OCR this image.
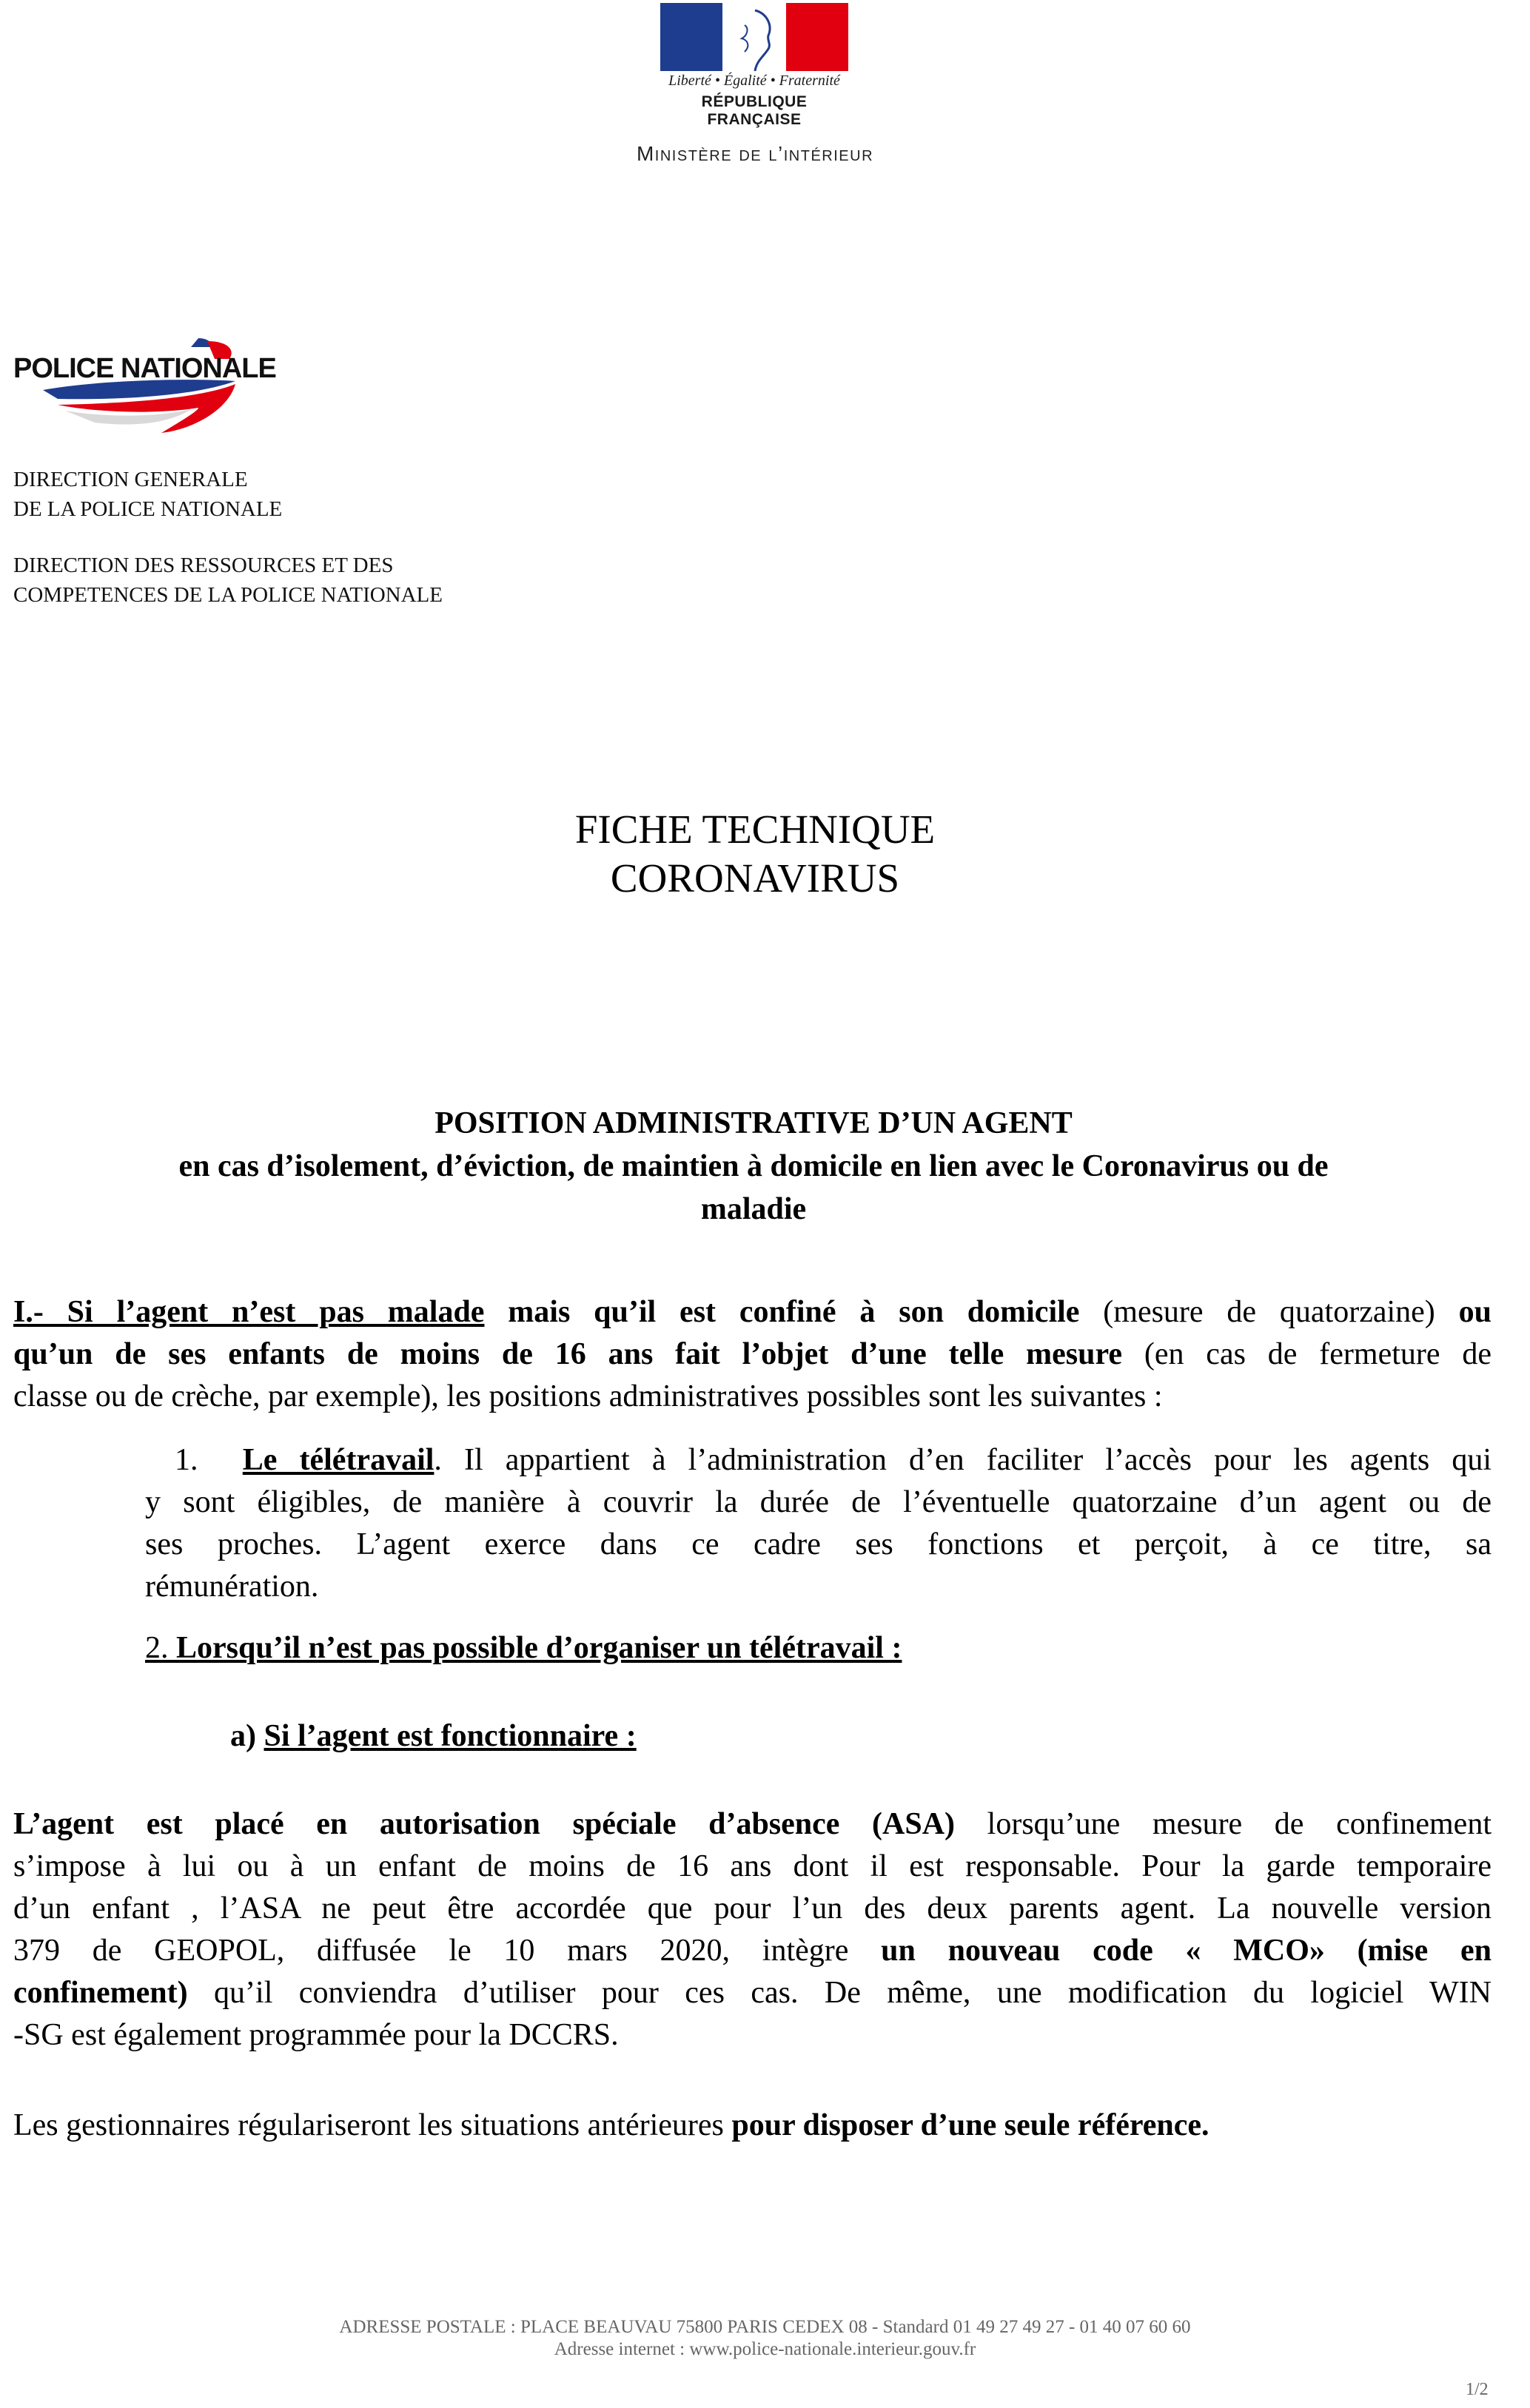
Liberté • Égalité • Fraternité
RÉPUBLIQUE FRANÇAISE
Ministère de l’intérieur
POLICE NATIONALE
DIRECTION GENERALE
DE LA POLICE NATIONALE
DIRECTION DES RESSOURCES ET DES
COMPETENCES DE LA POLICE NATIONALE
FICHE TECHNIQUE
CORONAVIRUS
POSITION ADMINISTRATIVE D’UN AGENT
en cas d’isolement, d’éviction, de maintien à domicile en lien avec le Coronavirus ou de
maladie
I.- Si l’agent n’est pas malade mais qu’il est confiné à son domicile (mesure de quatorzaine) ou
qu’un de ses enfants de moins de 16 ans fait l’objet d’une telle mesure (en cas de fermeture de
classe ou de crèche, par exemple), les positions administratives possibles sont les suivantes :
1. Le télétravail. Il appartient à l’administration d’en faciliter l’accès pour les agents qui
y sont éligibles, de manière à couvrir la durée de l’éventuelle quatorzaine d’un agent ou de
ses proches. L’agent exerce dans ce cadre ses fonctions et perçoit, à ce titre, sa
rémunération.
2. Lorsqu’il n’est pas possible d’organiser un télétravail :
a) Si l’agent est fonctionnaire :
L’agent est placé en autorisation spéciale d’absence (ASA) lorsqu’une mesure de confinement
s’impose à lui ou à un enfant de moins de 16 ans dont il est responsable. Pour la garde temporaire
d’un enfant , l’ASA ne peut être accordée que pour l’un des deux parents agent. La nouvelle version
379 de GEOPOL, diffusée le 10 mars 2020, intègre un nouveau code « MCO» (mise en
confinement) qu’il conviendra d’utiliser pour ces cas. De même, une modification du logiciel WIN
-SG est également programmée pour la DCCRS.
Les gestionnaires régulariseront les situations antérieures pour disposer d’une seule référence.
ADRESSE POSTALE : PLACE BEAUVAU 75800 PARIS CEDEX 08 - Standard 01 49 27 49 27 - 01 40 07 60 60
Adresse internet : www.police-nationale.interieur.gouv.fr
1/2
